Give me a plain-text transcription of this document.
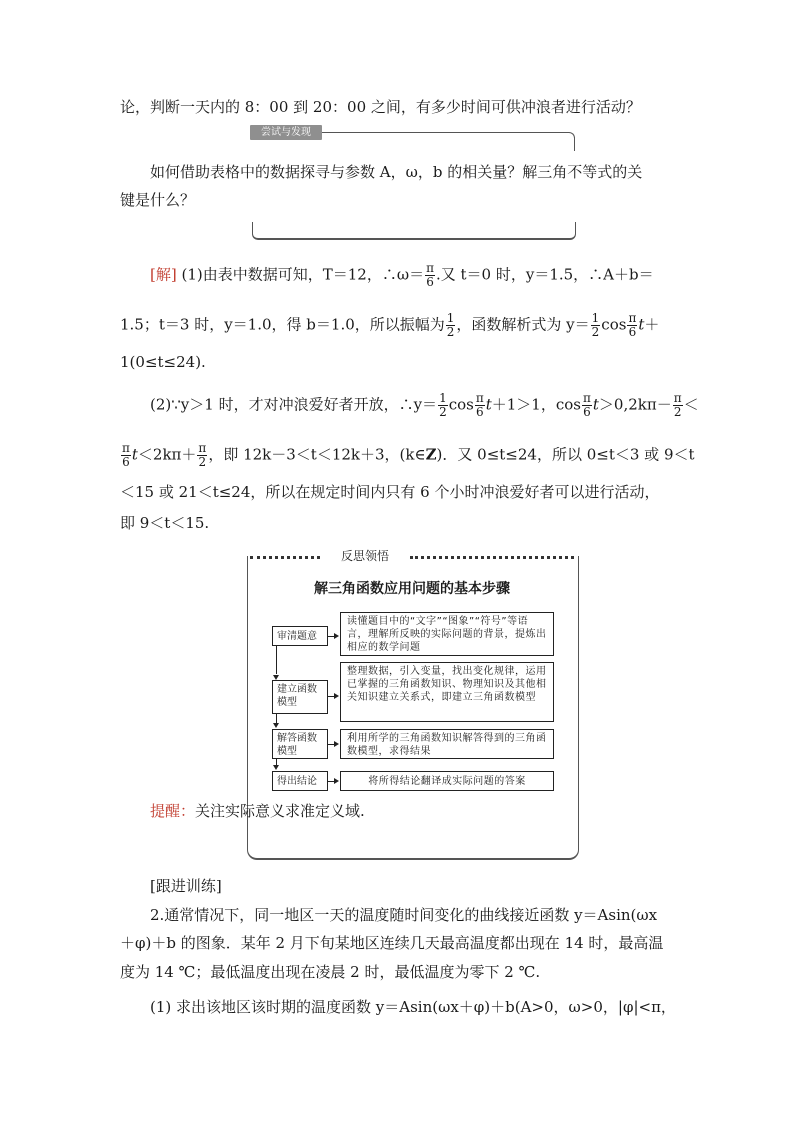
论，判断一天内的 8：00 到 20：00 之间，有多少时间可供冲浪者进行活动？
尝试与发现
如何借助表格中的数据探寻与参数 A，ω，b 的相关量？解三角不等式的关
键是什么？
[解] (1)由表中数据可知，T＝12，∴ω＝ $\frac{\pi}{6}$ .又 t＝0 时，y＝1.5，∴A＋b＝
1.5；t＝3 时，y＝1.0，得 b＝1.0，所以振幅为 $\frac{1}{2}$ ，函数解析式为 $y= \frac{1}{2}$ $\cos \frac{\pi}{6} t+$
1(0≤t≤24).
(2)∵y＞1 时，才对冲浪爱好者开放，∴y＝ $\frac{1}{2}$ $\cos \frac{\pi}{6} t+1>1$，$\cos \frac{\pi}{6} t>0,2k\pi- \frac{\pi}{2}$ ＜
$\frac{\pi}{6} t<2k\pi+ \frac{\pi}{2}$ ，即 12k－3＜t＜12k＋3，(k∈Z)．又 0≤t≤24，所以 0≤t＜3 或 9＜t
＜15 或 21＜t≤24，所以在规定时间内只有 6 个小时冲浪爱好者可以进行活动，
即 9＜t＜15.
反思领悟
解三角函数应用问题的基本步骤
审清题意
读懂题目中的“文字”“图象”“符号”等语言，理解所反映的实际问题的背景，提炼出相应的数学问题
建立函数模型
整理数据，引入变量，找出变化规律，运用已掌握的三角函数知识、物理知识及其他相关知识建立关系式，即建立三角函数模型
解答函数模型
利用所学的三角函数知识解答得到的三角函数模型，求得结果
得出结论	将所得结论翻译成实际问题的答案
提醒：关注实际意义求准定义域.
[跟进训练]
2.通常情况下，同一地区一天的温度随时间变化的曲线接近函数 y＝Asin(ωx
＋φ)＋b 的图象．某年 2 月下旬某地区连续几天最高温度都出现在 14 时，最高温
度为 14 ℃；最低温度出现在凌晨 2 时，最低温度为零下 2 ℃.
(1) 求出该地区该时期的温度函数 y＝Asin(ωx＋φ)＋b(A>0，ω>0，|φ|<π，
